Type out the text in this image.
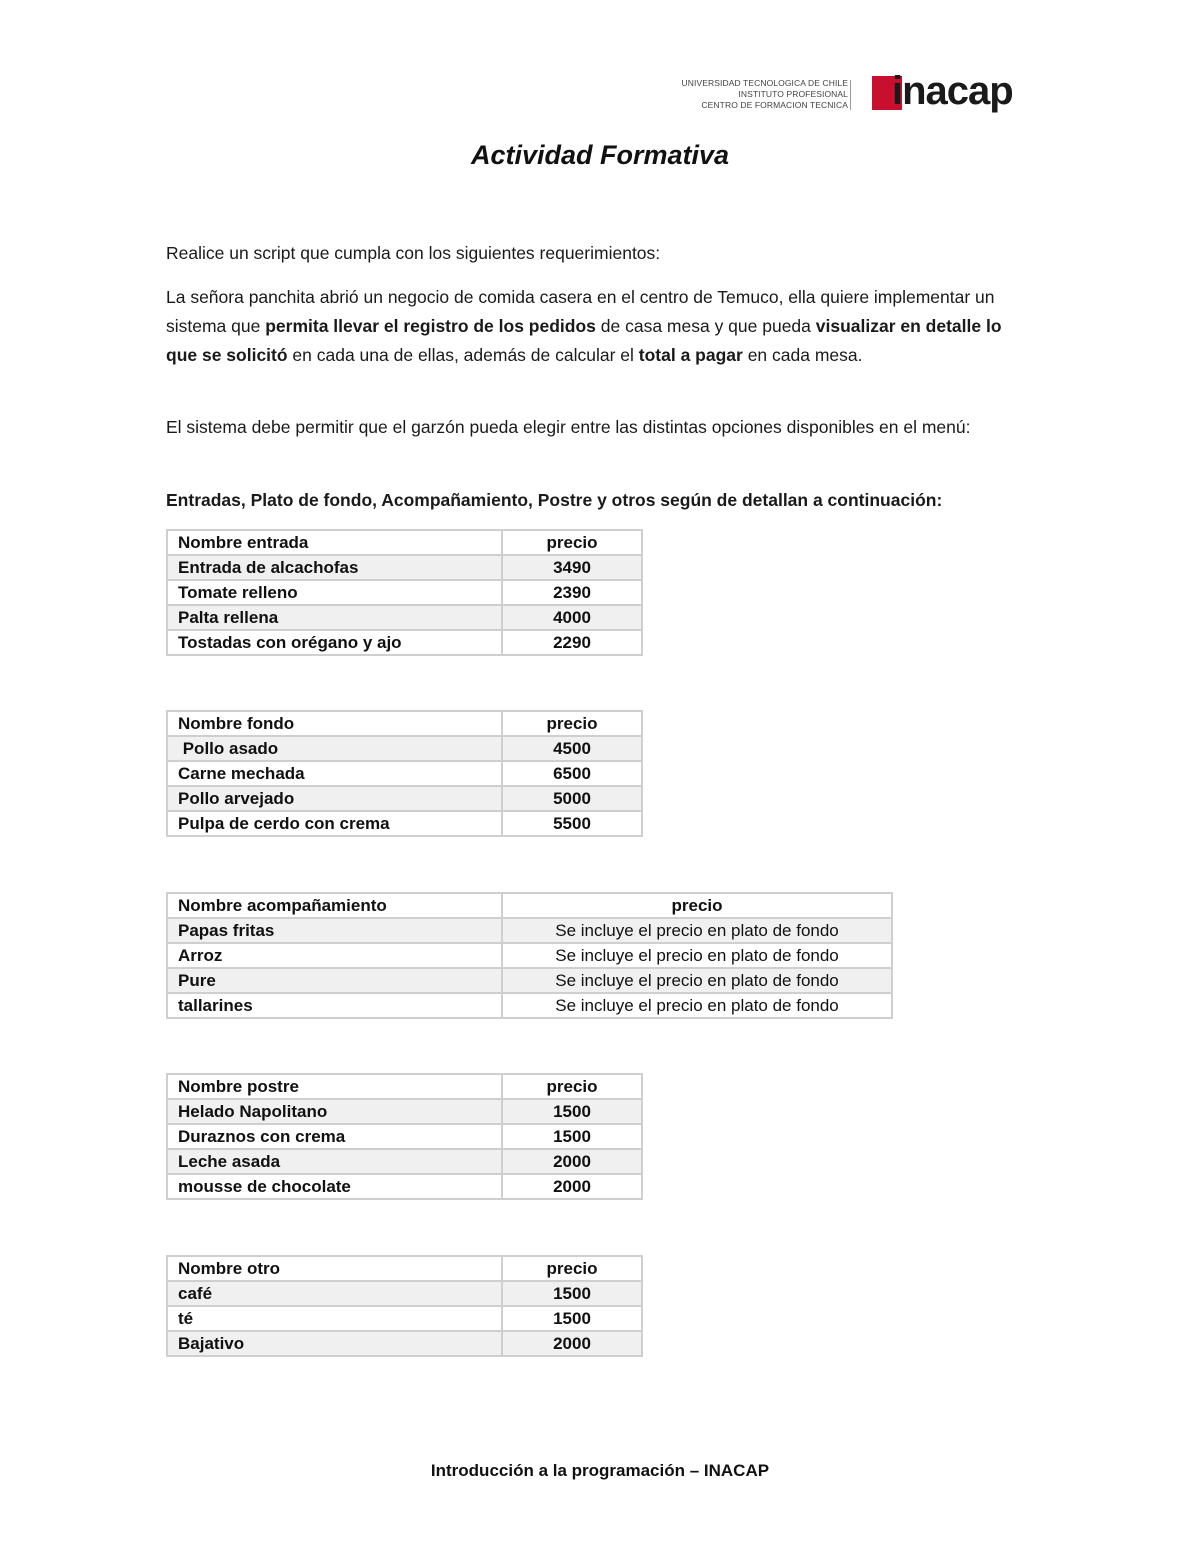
UNIVERSIDAD TECNOLOGICA DE CHILE
INSTITUTO PROFESIONAL
CENTRO DE FORMACION TECNICA inacap
Actividad Formativa
Realice un script que cumpla con los siguientes requerimientos:
La señora panchita abrió un negocio de comida casera en el centro de Temuco, ella quiere implementar un sistema que permita llevar el registro de los pedidos de casa mesa y que pueda visualizar en detalle lo que se solicitó en cada una de ellas, además de calcular el total a pagar en cada mesa.
El sistema debe permitir que el garzón pueda elegir entre las distintas opciones disponibles en el menú:
Entradas, Plato de fondo, Acompañamiento, Postre y otros según de detallan a continuación:
Nombre entrada	precio
Entrada de alcachofas	3490
Tomate relleno	2390
Palta rellena	4000
Tostadas con orégano y ajo	2290
Nombre fondo	precio
Pollo asado	4500
Carne mechada	6500
Pollo arvejado	5000
Pulpa de cerdo con crema	5500
Nombre acompañamiento	precio
Papas fritas	Se incluye el precio en plato de fondo
Arroz	Se incluye el precio en plato de fondo
Pure	Se incluye el precio en plato de fondo
tallarines	Se incluye el precio en plato de fondo
Nombre postre	precio
Helado Napolitano	1500
Duraznos con crema	1500
Leche asada	2000
mousse de chocolate	2000
Nombre otro	precio
café	1500
té	1500
Bajativo	2000
Introducción a la programación – INACAP
